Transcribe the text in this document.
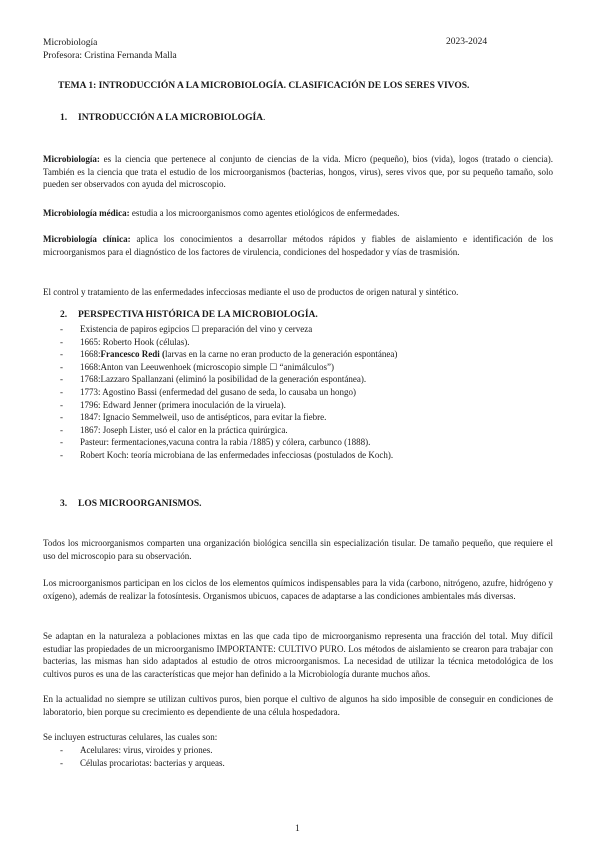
Microbiología
Profesora: Cristina Fernanda Malla
2023-2024
TEMA 1: INTRODUCCIÓN A LA MICROBIOLOGÍA. CLASIFICACIÓN DE LOS SERES VIVOS.
1. INTRODUCCIÓN A LA MICROBIOLOGÍA.

Microbiología: es la ciencia que pertenece al conjunto de ciencias de la vida. Micro (pequeño), bios (vida), logos (tratado o ciencia). También es la ciencia que trata el estudio de los microorganismos (bacterias, hongos, virus), seres vivos que, por su pequeño tamaño, solo pueden ser observados con ayuda del microscopio.

Microbiología médica: estudia a los microorganismos como agentes etiológicos de enfermedades.

Microbiología clínica: aplica los conocimientos a desarrollar métodos rápidos y fiables de aislamiento e identificación de los microorganismos para el diagnóstico de los factores de virulencia, condiciones del hospedador y vías de trasmisión.

El control y tratamiento de las enfermedades infecciosas mediante el uso de productos de origen natural y sintético.

2. PERSPECTIVA HISTÓRICA DE LA MICROBIOLOGÍA.
- Existencia de papiros egipcios ☐ preparación del vino y cerveza
- 1665: Roberto Hook (células).
- 1668:Francesco Redi (larvas en la carne no eran producto de la generación espontánea)
- 1668:Anton van Leeuwenhoek (microscopio simple ☐ “animálculos”)
- 1768:Lazzaro Spallanzani (eliminó la posibilidad de la generación espontánea).
- 1773: Agostino Bassi (enfermedad del gusano de seda, lo causaba un hongo)
- 1796: Edward Jenner (primera inoculación de la viruela).
- 1847: Ignacio Semmelweil, uso de antisépticos, para evitar la fiebre.
- 1867: Joseph Lister, usó el calor en la práctica quirúrgica.
- Pasteur: fermentaciones,vacuna contra la rabia /1885) y cólera, carbunco (1888).
- Robert Koch: teoría microbiana de las enfermedades infecciosas (postulados de Koch).
3. LOS MICROORGANISMOS.

Todos los microorganismos comparten una organización biológica sencilla sin especialización tisular. De tamaño pequeño, que requiere el uso del microscopio para su observación.

Los microorganismos participan en los ciclos de los elementos químicos indispensables para la vida (carbono, nitrógeno, azufre, hidrógeno y oxígeno), además de realizar la fotosíntesis. Organismos ubicuos, capaces de adaptarse a las condiciones ambientales más diversas.

Se adaptan en la naturaleza a poblaciones mixtas en las que cada tipo de microorganismo representa una fracción del total. Muy difícil estudiar las propiedades de un microorganismo IMPORTANTE: CULTIVO PURO. Los métodos de aislamiento se crearon para trabajar con bacterias, las mismas han sido adaptados al estudio de otros microorganismos. La necesidad de utilizar la técnica metodológica de los cultivos puros es una de las características que mejor han definido a la Microbiología durante muchos años.

En la actualidad no siempre se utilizan cultivos puros, bien porque el cultivo de algunos ha sido imposible de conseguir en condiciones de laboratorio, bien porque su crecimiento es dependiente de una célula hospedadora.

Se incluyen estructuras celulares, las cuales son:

- Acelulares: virus, viroides y priones.
- Células procariotas: bacterias y arqueas.
1
